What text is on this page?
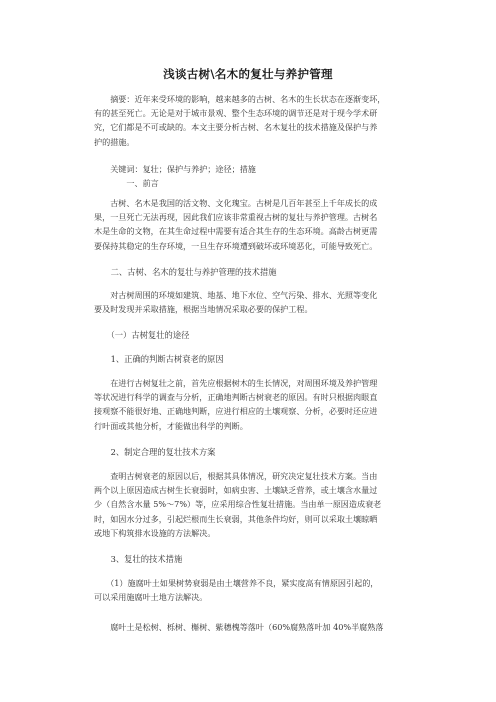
浅谈古树\名木的复壮与养护管理
　　摘要：近年来受环境的影响，越来越多的古树、名木的生长状态在逐渐变坏，
有的甚至死亡。无论是对于城市景观、整个生态环境的调节还是对于现今学术研
究，它们都是不可或缺的。本文主要分析古树、名木复壮的技术措施及保护与养
护的措施。
　　关键词：复壮；保护与养护；途径；措施
　　　　一、前言
　　古树、名木是我国的活文物、文化瑰宝。古树是几百年甚至上千年成长的成
果，一旦死亡无法再现，因此我们应该非常重视古树的复壮与养护管理。古树名
木是生命的文物，在其生命过程中需要有适合其生存的生态环境。高龄古树更需
要保持其稳定的生存环境，一旦生存环境遭到破坏或环境恶化，可能导致死亡。
　　二、古树、名木的复壮与养护管理的技术措施
　　对古树周围的环境如建筑、地基、地下水位、空气污染、排水、光照等变化
要及时发现并采取措施，根据当地情况采取必要的保护工程。
　　（一）古树复壮的途径
　　1、正确的判断古树衰老的原因
　　在进行古树复壮之前，首先应根据树木的生长情况，对周围环境及养护管理
等状况进行科学的调查与分析，正确地判断古树衰老的原因。有时只根据肉眼直
接观察不能很好地、正确地判断，应进行相应的土壤观察、分析，必要时还应进
行叶面或其他分析，才能做出科学的判断。
　　2、制定合理的复壮技术方案
　　查明古树衰老的原因以后，根据其具体情况，研究决定复壮技术方案。当由
两个以上原因造成古树生长衰弱时，如病虫害、土壤缺乏营养，或土壤含水量过
少（自然含水量 5%～7%）等，应采用综合性复壮措施。当由单一原因造成衰老
时，如因水分过多，引起烂根而生长衰弱，其他条件均好，则可以采取土壤晾晒
或地下构筑排水设施的方法解决。
　　3、复壮的技术措施
　　（1）施腐叶土如果树势衰弱是由土壤营养不良，紧实度高有情原因引起的，
可以采用施腐叶土地方法解决。
　　腐叶土是松树、栎树、槲树、紫穗槐等落叶（60%腐熟落叶加 40%半腐熟落
